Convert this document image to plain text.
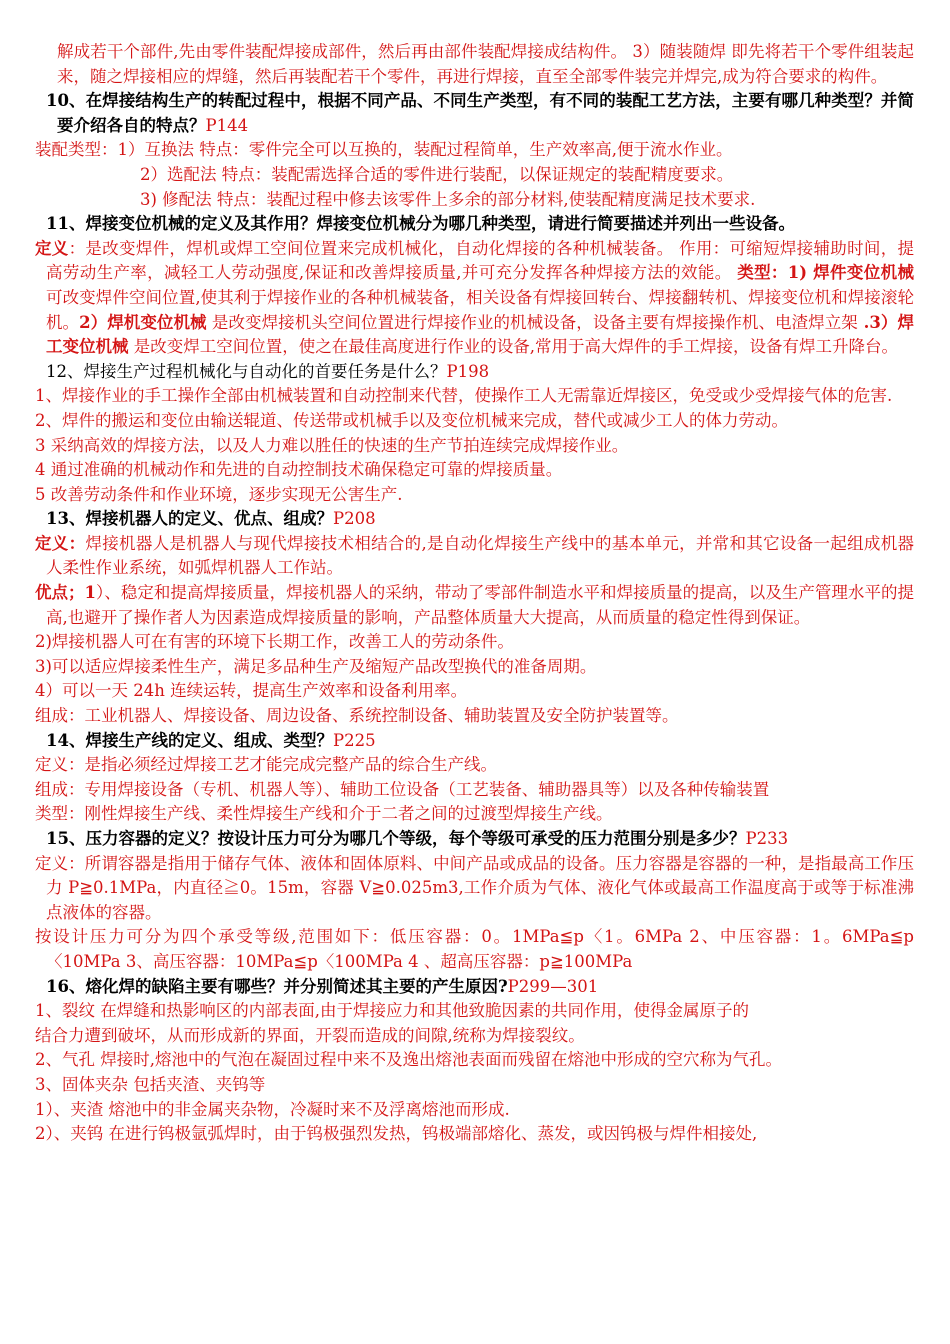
解成若干个部件,先由零件装配焊接成部件，然后再由部件装配焊接成结构件。 3）随装随焊 即先将若干个零件组装起来，随之焊接相应的焊缝，然后再装配若干个零件，再进行焊接，直至全部零件装完并焊完,成为符合要求的构件。

10、在焊接结构生产的转配过程中，根据不同产品、不同生产类型，有不同的装配工艺方法，主要有哪几种类型？并简要介绍各自的特点？P144

装配类型：1）互换法 特点：零件完全可以互换的，装配过程简单，生产效率高,便于流水作业。

2）选配法 特点：装配需选择合适的零件进行装配，以保证规定的装配精度要求。

3) 修配法 特点：装配过程中修去该零件上多余的部分材料,使装配精度满足技术要求.

11、焊接变位机械的定义及其作用？焊接变位机械分为哪几种类型，请进行简要描述并列出一些设备。

定义：是改变焊件，焊机或焊工空间位置来完成机械化，自动化焊接的各种机械装备。 作用：可缩短焊接辅助时间，提高劳动生产率，减轻工人劳动强度,保证和改善焊接质量,并可充分发挥各种焊接方法的效能。 类型：1) 焊件变位机械 可改变焊件空间位置,使其利于焊接作业的各种机械装备，相关设备有焊接回转台、焊接翻转机、焊接变位机和焊接滚轮机。2）焊机变位机械 是改变焊接机头空间位置进行焊接作业的机械设备，设备主要有焊接操作机、电渣焊立架 .3）焊工变位机械 是改变焊工空间位置，使之在最佳高度进行作业的设备,常用于高大焊件的手工焊接，设备有焊工升降台。

12、焊接生产过程机械化与自动化的首要任务是什么？P198

1、焊接作业的手工操作全部由机械装置和自动控制来代替，使操作工人无需靠近焊接区，免受或少受焊接气体的危害.

2、焊件的搬运和变位由输送辊道、传送带或机械手以及变位机械来完成，替代或减少工人的体力劳动。

3 采纳高效的焊接方法，以及人力难以胜任的快速的生产节拍连续完成焊接作业。

4 通过准确的机械动作和先进的自动控制技术确保稳定可靠的焊接质量。

5 改善劳动条件和作业环境，逐步实现无公害生产.

13、焊接机器人的定义、优点、组成？P208

定义：焊接机器人是机器人与现代焊接技术相结合的,是自动化焊接生产线中的基本单元，并常和其它设备一起组成机器人柔性作业系统，如弧焊机器人工作站。

优点；1）、稳定和提高焊接质量，焊接机器人的采纳，带动了零部件制造水平和焊接质量的提高，以及生产管理水平的提高,也避开了操作者人为因素造成焊接质量的影响，产品整体质量大大提高，从而质量的稳定性得到保证。

2)焊接机器人可在有害的环境下长期工作，改善工人的劳动条件。

3)可以适应焊接柔性生产，满足多品种生产及缩短产品改型换代的准备周期。

4）可以一天 24h 连续运转，提高生产效率和设备利用率。

组成：工业机器人、焊接设备、周边设备、系统控制设备、辅助装置及安全防护装置等。

14、焊接生产线的定义、组成、类型？P225

定义：是指必须经过焊接工艺才能完成完整产品的综合生产线。

组成：专用焊接设备（专机、机器人等）、辅助工位设备（工艺装备、辅助器具等）以及各种传输装置

类型：刚性焊接生产线、柔性焊接生产线和介于二者之间的过渡型焊接生产线。

15、压力容器的定义？按设计压力可分为哪几个等级，每个等级可承受的压力范围分别是多少？P233

定义：所谓容器是指用于储存气体、液体和固体原料、中间产品或成品的设备。压力容器是容器的一种，是指最高工作压力 P≧0.1MPa，内直径≧0。15m，容器 V≧0.025m3,工作介质为气体、液化气体或最高工作温度高于或等于标准沸点液体的容器。

按设计压力可分为四个承受等级,范围如下：低压容器：0。1MPa≦p〈1。6MPa 2、中压容器：1。6MPa≦p〈10MPa 3、高压容器：10MPa≦p〈100MPa 4 、超高压容器：p≧100MPa

16、熔化焊的缺陷主要有哪些？并分别简述其主要的产生原因?P299—301

1、裂纹 在焊缝和热影响区的内部表面,由于焊接应力和其他致脆因素的共同作用，使得金属原子的

结合力遭到破坏，从而形成新的界面，开裂而造成的间隙,统称为焊接裂纹。

2、气孔 焊接时,熔池中的气泡在凝固过程中来不及逸出熔池表面而残留在熔池中形成的空穴称为气孔。

3、固体夹杂 包括夹渣、夹钨等

1）、夹渣 熔池中的非金属夹杂物，冷凝时来不及浮离熔池而形成.

2）、夹钨 在进行钨极氩弧焊时，由于钨极强烈发热，钨极端部熔化、蒸发，或因钨极与焊件相接处,
